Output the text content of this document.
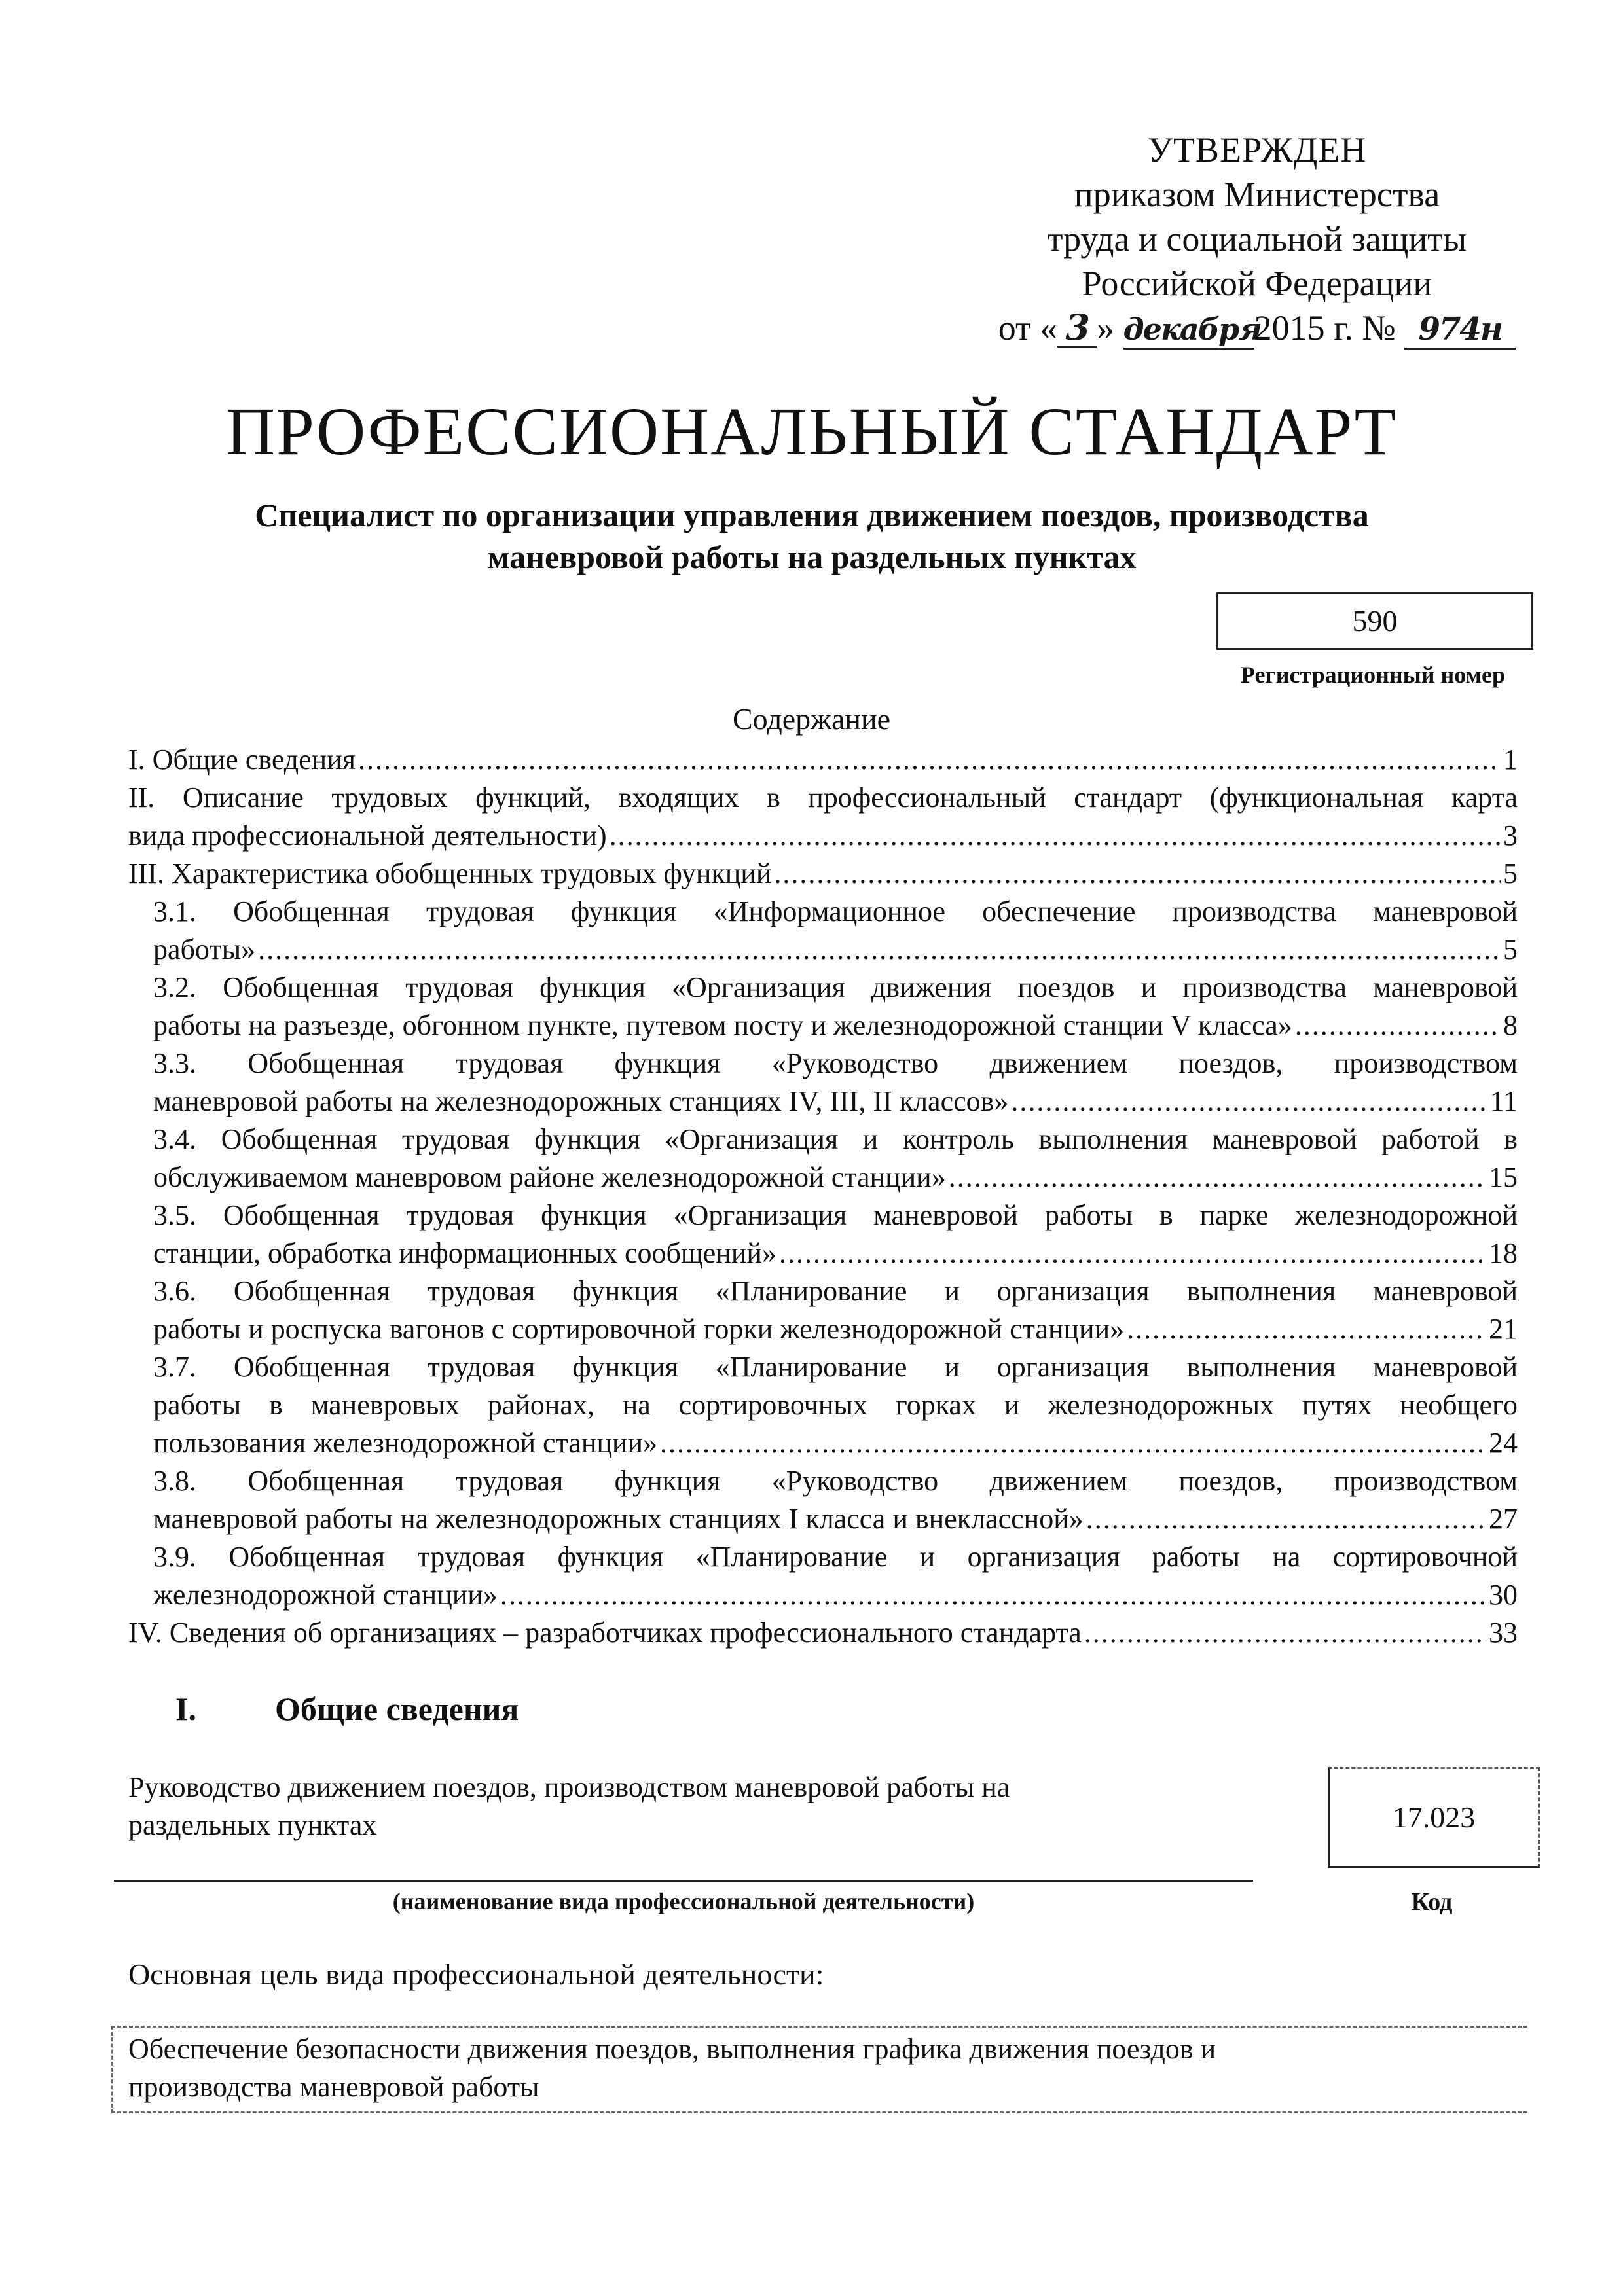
УТВЕРЖДЕН
приказом Министерства
труда и социальной защиты
Российской Федерации
от « 3 » декабря2015 г. № 974н
ПРОФЕССИОНАЛЬНЫЙ СТАНДАРТ
Специалист по организации управления движением поездов, производства
маневровой работы на раздельных пунктах
590
Регистрационный номер
Содержание
I. Общие сведения .....	1
II. Описание трудовых функций, входящих в профессиональный стандарт (функциональная карта
вида профессиональной деятельности) .....	3
III. Характеристика обобщенных трудовых функций .....	5
3.1. Обобщенная трудовая функция «Информационное обеспечение производства маневровой
работы» .....	5
3.2. Обобщенная трудовая функция «Организация движения поездов и производства маневровой
работы на разъезде, обгонном пункте, путевом посту и железнодорожной станции V класса» .....	8
3.3. Обобщенная трудовая функция «Руководство движением поездов, производством
маневровой работы на железнодорожных станциях IV, III, II классов» .....	11
3.4. Обобщенная трудовая функция «Организация и контроль выполнения маневровой работой в
обслуживаемом маневровом районе железнодорожной станции» .....	15
3.5. Обобщенная трудовая функция «Организация маневровой работы в парке железнодорожной
станции, обработка информационных сообщений» .....	18
3.6. Обобщенная трудовая функция «Планирование и организация выполнения маневровой
работы и роспуска вагонов с сортировочной горки железнодорожной станции» .....	21
3.7. Обобщенная трудовая функция «Планирование и организация выполнения маневровой
работы в маневровых районах, на сортировочных горках и железнодорожных путях необщего
пользования железнодорожной станции» .....	24
3.8. Обобщенная трудовая функция «Руководство движением поездов, производством
маневровой работы на железнодорожных станциях I класса и внеклассной» .....	27
3.9. Обобщенная трудовая функция «Планирование и организация работы на сортировочной
железнодорожной станции» .....	30
IV. Сведения об организациях – разработчиках профессионального стандарта .....	33
I. Общие сведения
Руководство движением поездов, производством маневровой работы на
раздельных пунктах	17.023
(наименование вида профессиональной деятельности)	Код
Основная цель вида профессиональной деятельности:
Обеспечение безопасности движения поездов, выполнения графика движения поездов и
производства маневровой работы
